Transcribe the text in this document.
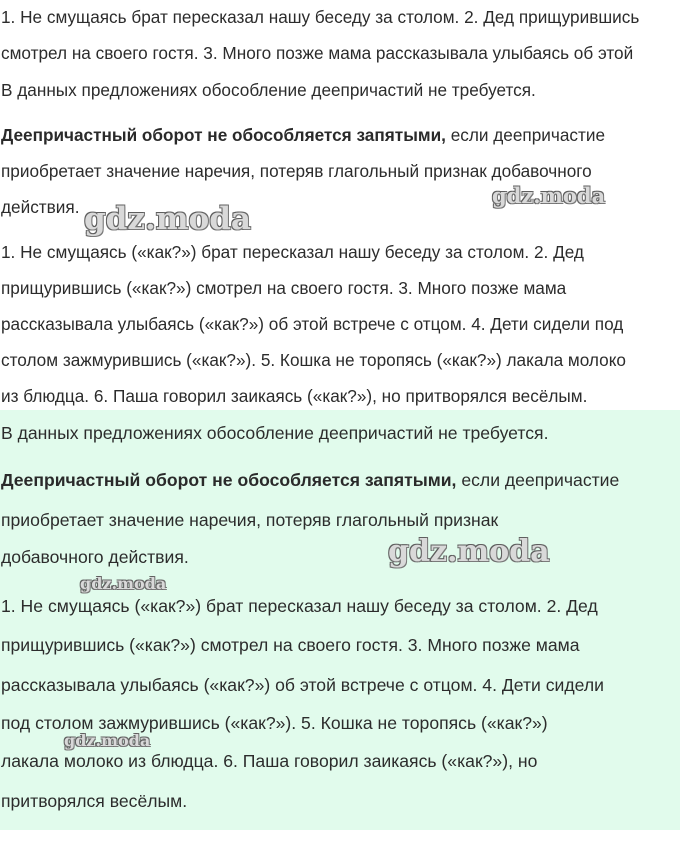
1. Не смущаясь брат пересказал нашу беседу за столом. 2. Дед прищурившись
смотрел на своего гостя. 3. Много позже мама рассказывала улыбаясь об этой
В данных предложениях обособление деепричастий не требуется.
Деепричастный оборот не обособляется запятыми, если деепричастие
приобретает значение наречия, потеряв глагольный признак добавочного
действия.
1. Не смущаясь («как?») брат пересказал нашу беседу за столом. 2. Дед
прищурившись («как?») смотрел на своего гостя. 3. Много позже мама
рассказывала улыбаясь («как?») об этой встрече с отцом. 4. Дети сидели под
столом зажмурившись («как?»). 5. Кошка не торопясь («как?») лакала молоко
из блюдца. 6. Паша говорил заикаясь («как?»), но притворялся весёлым.
В данных предложениях обособление деепричастий не требуется.
Деепричастный оборот не обособляется запятыми, если деепричастие
приобретает значение наречия, потеряв глагольный признак
добавочного действия.
1. Не смущаясь («как?») брат пересказал нашу беседу за столом. 2. Дед
прищурившись («как?») смотрел на своего гостя. 3. Много позже мама
рассказывала улыбаясь («как?») об этой встрече с отцом. 4. Дети сидели
под столом зажмурившись («как?»). 5. Кошка не торопясь («как?»)
лакала молоко из блюдца. 6. Паша говорил заикаясь («как?»), но
притворялся весёлым.
gdz.moda
gdz.moda
gdz.moda
gdz.moda
gdz.moda
